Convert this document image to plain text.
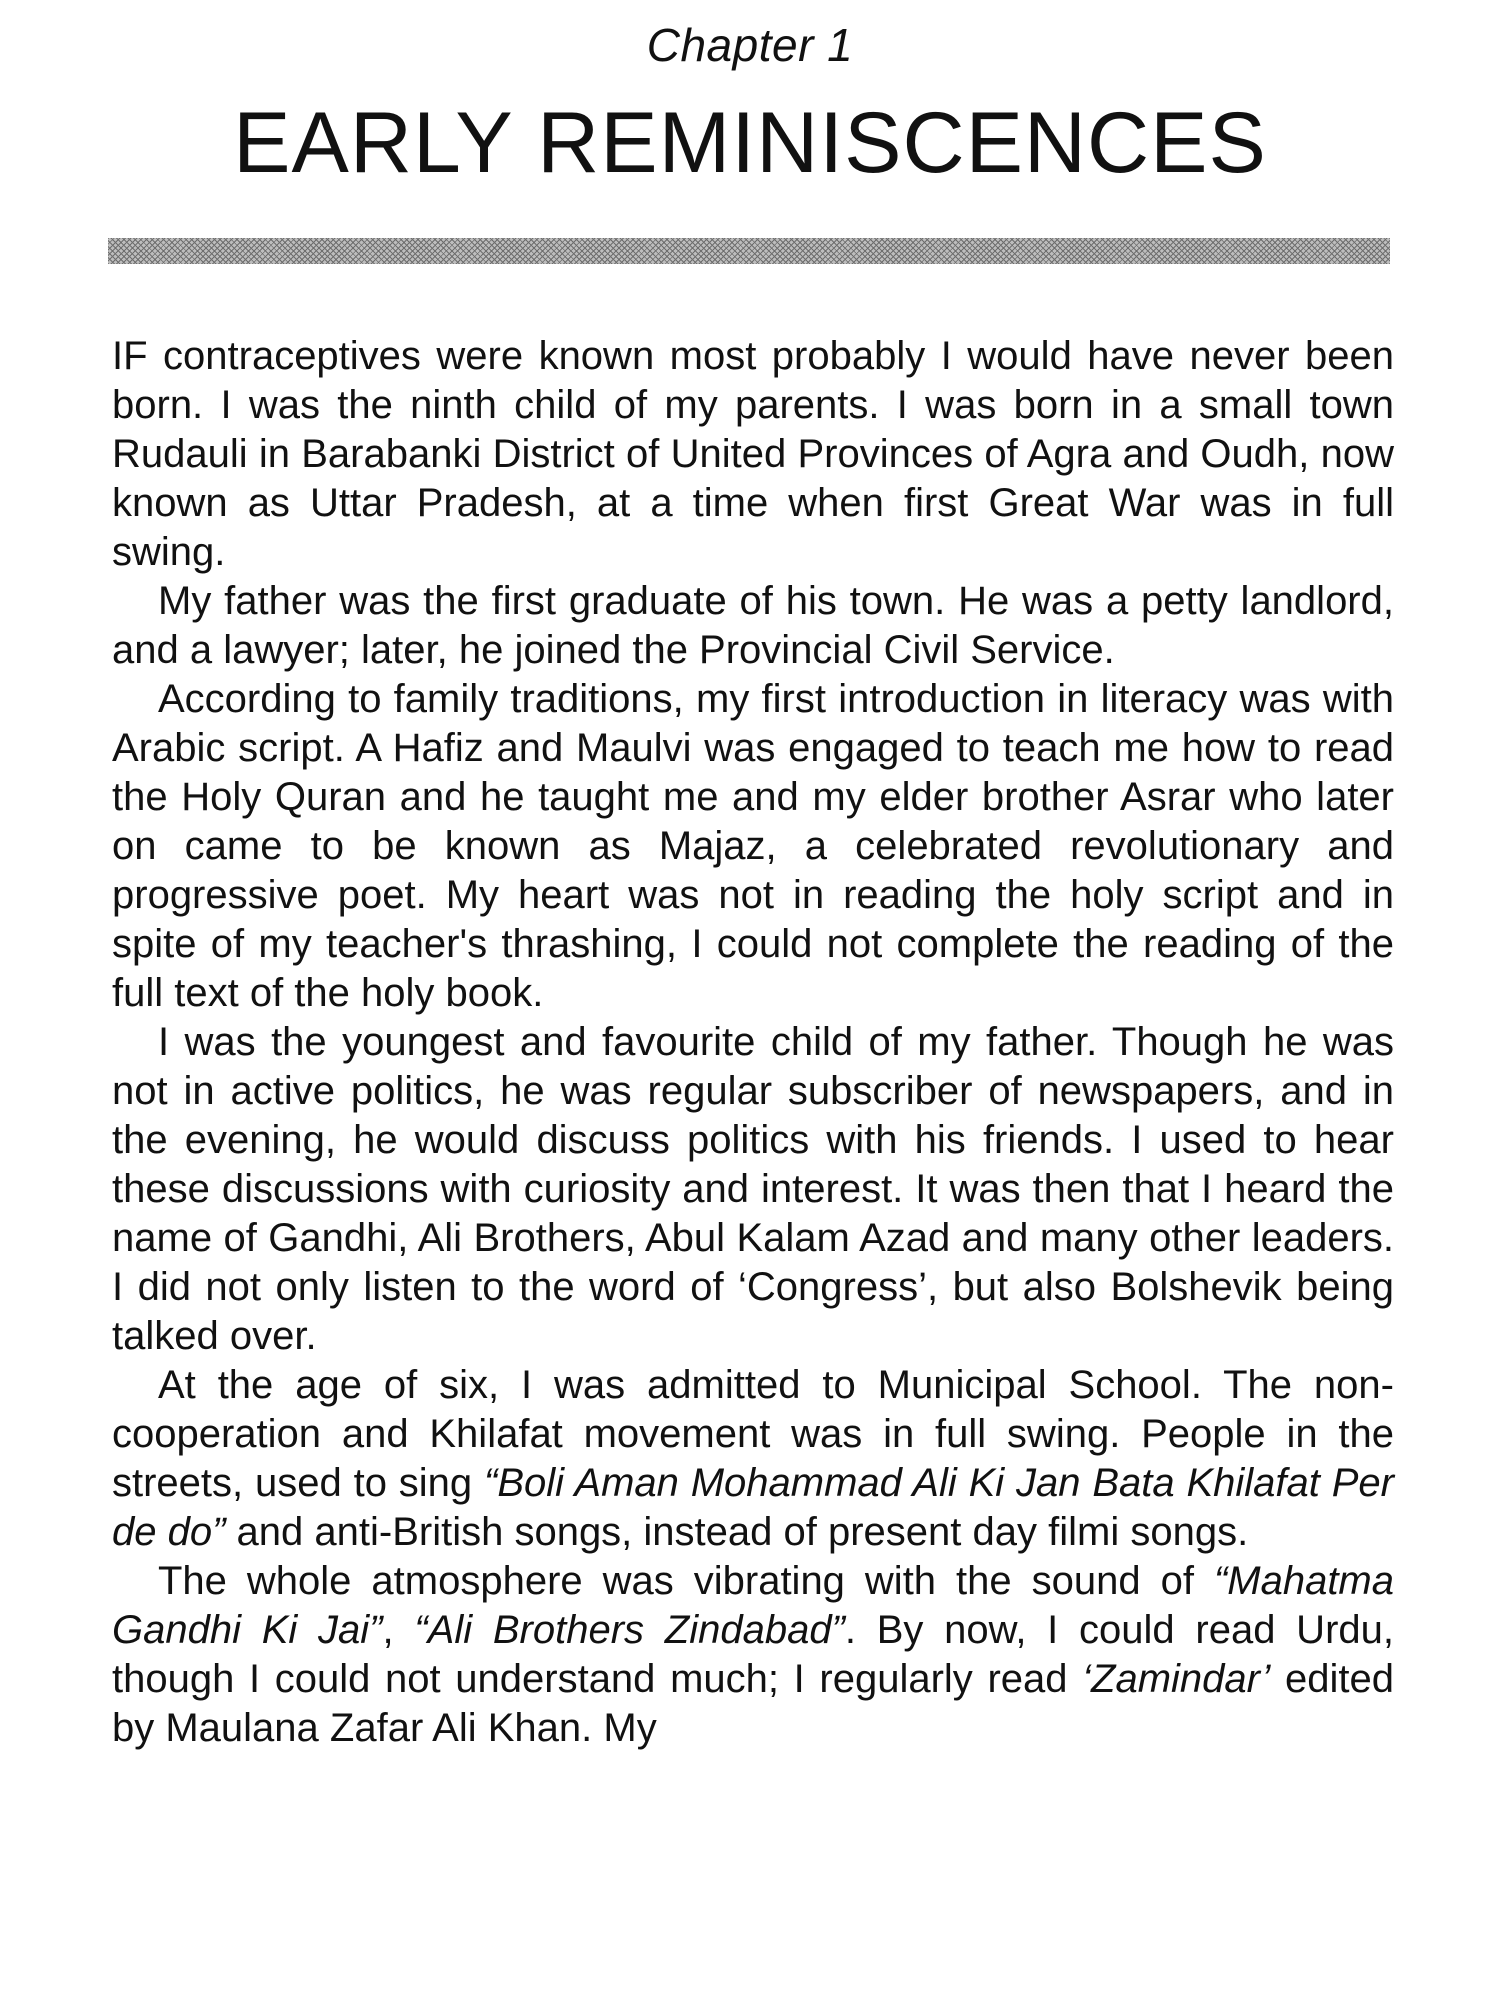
Chapter 1
EARLY REMINISCENCES

IF contraceptives were known most probably I would have never been born. I was the ninth child of my parents. I was born in a small town Rudauli in Barabanki District of United Provinces of Agra and Oudh, now known as Uttar Pradesh, at a time when first Great War was in full swing.

My father was the first graduate of his town. He was a petty landlord, and a lawyer; later, he joined the Provincial Civil Service.

According to family traditions, my first introduction in literacy was with Arabic script. A Hafiz and Maulvi was engaged to teach me how to read the Holy Quran and he taught me and my elder brother Asrar who later on came to be known as Majaz, a celebrated revolutionary and progressive poet. My heart was not in reading the holy script and in spite of my teacher's thrashing, I could not complete the reading of the full text of the holy book.

I was the youngest and favourite child of my father. Though he was not in active politics, he was regular subscriber of newspapers, and in the evening, he would discuss politics with his friends. I used to hear these discussions with curiosity and interest. It was then that I heard the name of Gandhi, Ali Brothers, Abul Kalam Azad and many other leaders. I did not only listen to the word of ‘Congress’, but also Bolshevik being talked over.

At the age of six, I was admitted to Municipal School. The non-cooperation and Khilafat movement was in full swing. People in the streets, used to sing “Boli Aman Mohammad Ali Ki Jan Bata Khilafat Per de do” and anti-British songs, instead of present day filmi songs.

The whole atmosphere was vibrating with the sound of “Mahatma Gandhi Ki Jai”, “Ali Brothers Zindabad”. By now, I could read Urdu, though I could not understand much; I regularly read ‘Zamindar’ edited by Maulana Zafar Ali Khan. My
